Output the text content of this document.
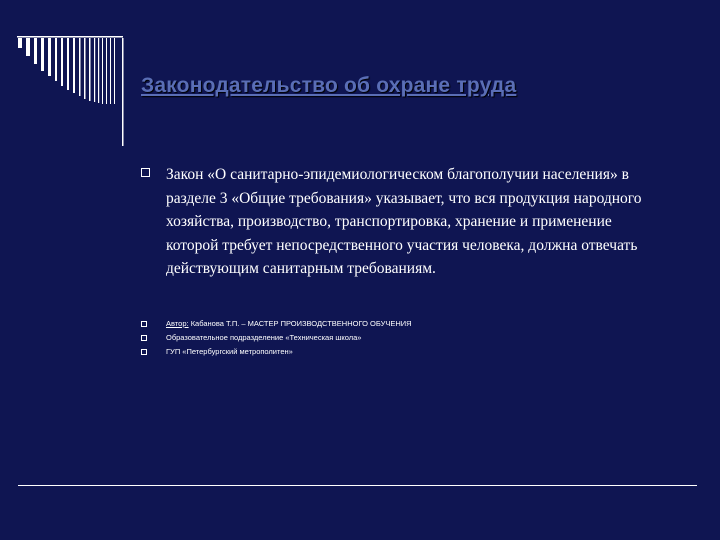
Законодательство об охране труда
Закон «О санитарно-эпидемиологическом благополучии населения» в разделе 3 «Общие требования» указывает, что вся продукция народного хозяйства, производство, транспортировка, хранение и применение которой требует непосредственного участия человека, должна отвечать действующим санитарным требованиям.
Автор: Кабанова Т.П. – МАСТЕР ПРОИЗВОДСТВЕННОГО ОБУЧЕНИЯ
Образовательное подразделение «Техническая школа»
ГУП «Петербургский метрополитен»
